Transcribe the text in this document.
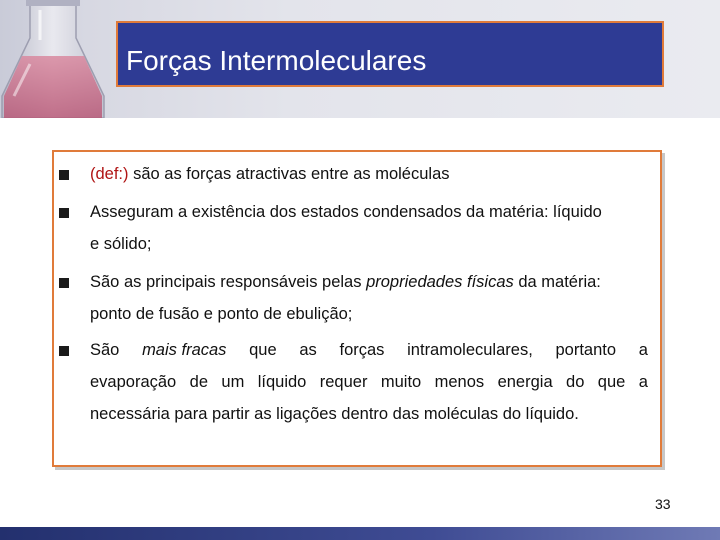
Forças Intermoleculares
(def:) são as forças atractivas entre as moléculas
Asseguram a existência dos estados condensados da matéria: líquido
e sólido;
São as principais responsáveis pelas propriedades físicas da matéria:
ponto de fusão e ponto de ebulição;
São mais fracas que as forças intramoleculares, portanto a
evaporação de um líquido requer muito menos energia do que a
necessária para partir as ligações dentro das moléculas do líquido.
33
